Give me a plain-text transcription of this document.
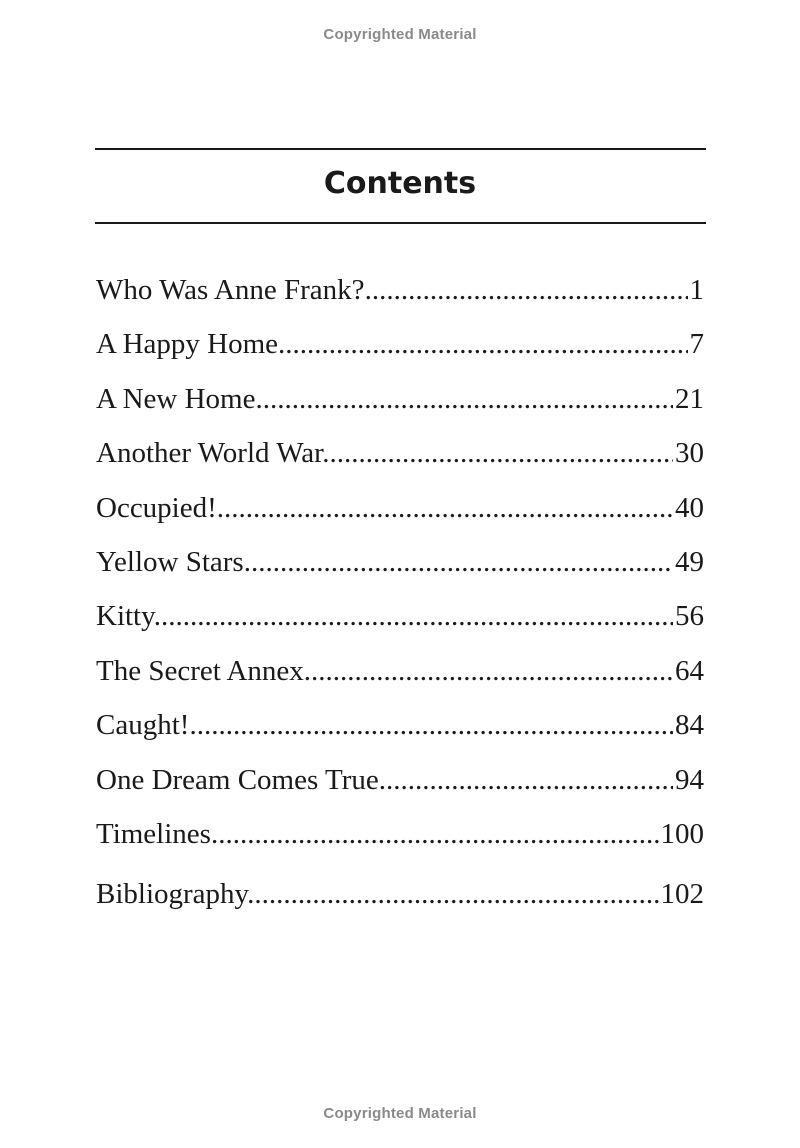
Copyrighted Material
Contents
Who Was Anne Frank? .....	1
A Happy Home .....	7
A New Home .....	21
Another World War .....	30
Occupied! .....	40
Yellow Stars .....	49
Kitty .....	56
The Secret Annex .....	64
Caught! .....	84
One Dream Comes True .....	94
Timelines .....	100
Bibliography .....	102
Copyrighted Material
